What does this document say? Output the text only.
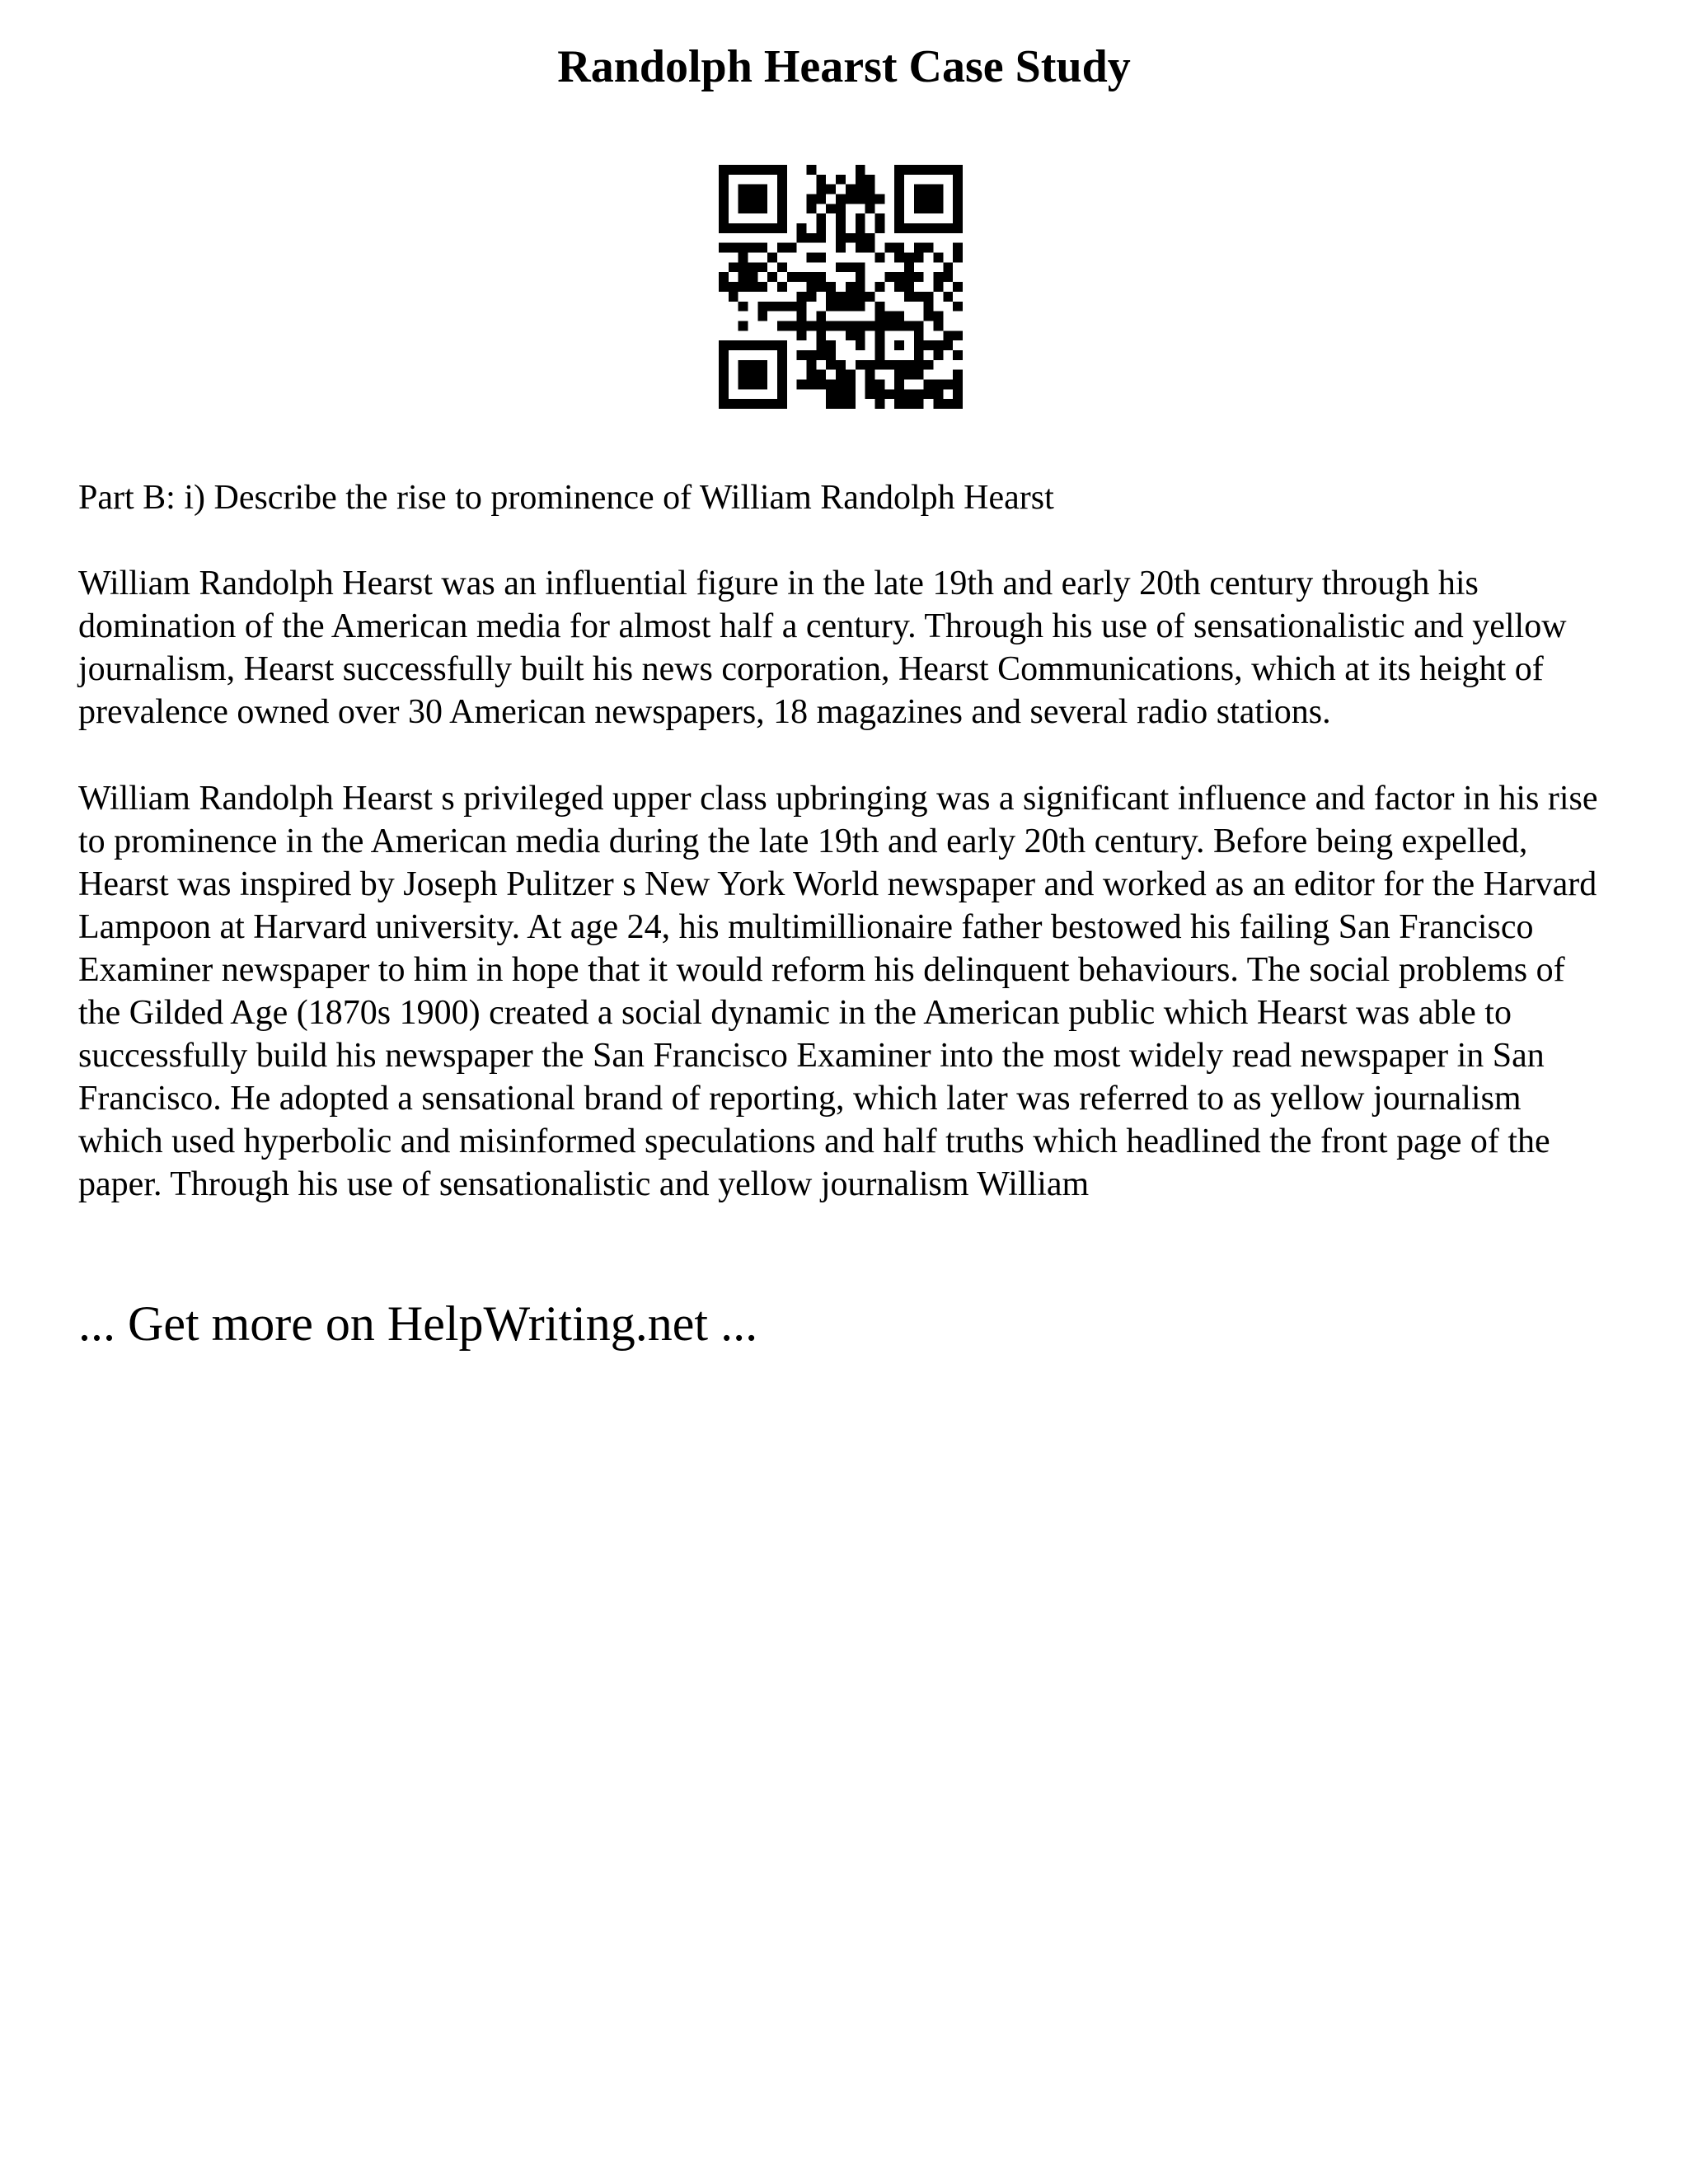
Randolph Hearst Case Study

Part B: i) Describe the rise to prominence of William Randolph Hearst

William Randolph Hearst was an influential figure in the late 19th and early 20th century through his domination of the American media for almost half a century. Through his use of sensationalistic and yellow journalism, Hearst successfully built his news corporation, Hearst Communications, which at its height of prevalence owned over 30 American newspapers, 18 magazines and several radio stations.

William Randolph Hearst s privileged upper class upbringing was a significant influence and factor in his rise to prominence in the American media during the late 19th and early 20th century. Before being expelled, Hearst was inspired by Joseph Pulitzer s New York World newspaper and worked as an editor for the Harvard Lampoon at Harvard university. At age 24, his multimillionaire father bestowed his failing San Francisco Examiner newspaper to him in hope that it would reform his delinquent behaviours. The social problems of the Gilded Age (1870s 1900) created a social dynamic in the American public which Hearst was able to successfully build his newspaper the San Francisco Examiner into the most widely read newspaper in San Francisco. He adopted a sensational brand of reporting, which later was referred to as yellow journalism which used hyperbolic and misinformed speculations and half truths which headlined the front page of the paper. Through his use of sensationalistic and yellow journalism William

... Get more on HelpWriting.net ...
